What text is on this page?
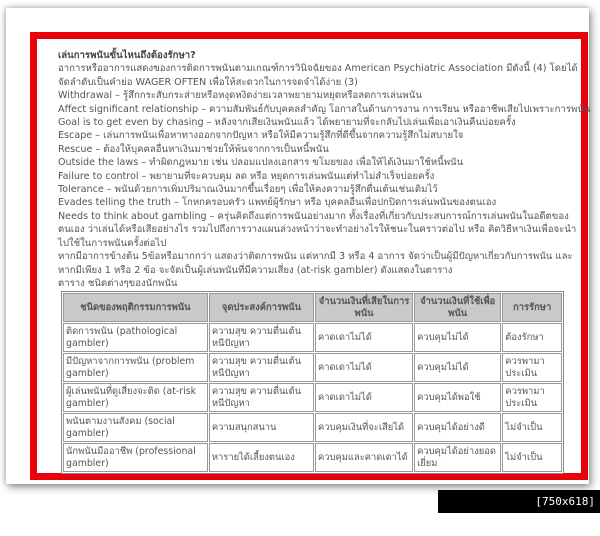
เล่นการพนันขั้นไหนถึงต้องรักษา?
อาการหรืออาการแสดงของการติดการพนันตามเกณฑ์การวินิจฉัยของ American Psychiatric Association มีดังนี้ (4) โดยได้จัดลำดับเป็นคำย่อ WAGER OFTEN เพื่อให้สะดวกในการจดจำได้ง่าย (3)
Withdrawal – รู้สึกกระสับกระส่ายหรือหงุดหงิดง่ายเวลาพยายามหยุดหรือลดการเล่นพนัน
Affect significant relationship – ความสัมพันธ์กับบุคคลสำคัญ โอกาสในด้านการงาน การเรียน หรืออาชีพเสียไปเพราะการพนัน
Goal is to get even by chasing – หลังจากเสียเงินพนันแล้ว ได้พยายามที่จะกลับไปเล่นเพื่อเอาเงินคืนบ่อยครั้ง
Escape – เล่นการพนันเพื่อหาทางออกจากปัญหา หรือให้มีความรู้สึกที่ดีขึ้นจากความรู้สึกไม่สบายใจ
Rescue – ต้องให้บุคคลอื่นหาเงินมาช่วยให้พ้นจากการเป็นหนี้พนัน
Outside the laws – ทำผิดกฎหมาย เช่น ปลอมแปลงเอกสาร ขโมยของ เพื่อให้ได้เงินมาใช้หนี้พนัน
Failure to control – พยายามที่จะควบคุม ลด หรือ หยุดการเล่นพนันแต่ทำไม่สำเร็จบ่อยครั้ง
Tolerance – พนันด้วยการเพิ่มปริมาณเงินมากขึ้นเรื่อยๆ เพื่อให้คงความรู้สึกตื่นเต้นเช่นเดิมไว้
Evades telling the truth – โกหกครอบครัว แพทย์ผู้รักษา หรือ บุคคลอื่นเพื่อปกปิดการเล่นพนันของตนเอง
Needs to think about gambling – ครุ่นคิดถึงแต่การพนันอย่างมาก ทั้งเรื่องที่เกี่ยวกับประสบการณ์การเล่นพนันในอดีตของตนเอง ว่าเล่นได้หรือเสียอย่างไร รวมไปถึงการวางแผนล่วงหน้าว่าจะทำอย่างไรให้ชนะในคราวต่อไป หรือ คิดวิธีหาเงินเพื่อจะนำไปใช้ในการพนันครั้งต่อไป
หากมีอาการข้างต้น 5ข้อหรือมากกว่า แสดงว่าติดการพนัน แต่หากมี 3 หรือ 4 อาการ จัดว่าเป็นผู้มีปัญหาเกี่ยวกับการพนัน และ หากมีเพียง 1 หรือ 2 ข้อ จะจัดเป็นผู้เล่นพนันที่มีความเสี่ยง (at-risk gambler) ดังแสดงในตาราง
ตาราง ชนิดต่างๆของนักพนัน
ชนิดของพฤติกรรมการพนัน	จุดประสงค์การพนัน	จำนวนเงินที่เสียในการพนัน	จำนวนเงินที่ใช้เพื่อพนัน	การรักษา
ติดการพนัน (pathological gambler)	ความสุข ความตื่นเต้น หนีปัญหา	คาดเดาไม่ได้	ควบคุมไม่ได้	ต้องรักษา
มีปัญหาจากการพนัน (problem gambler)	ความสุข ความตื่นเต้น หนีปัญหา	คาดเดาไม่ได้	ควบคุมไม่ได้	ควรพามาประเมิน
ผู้เล่นพนันที่ดูเสี่ยงจะติด (at-risk gambler)	ความสุข ความตื่นเต้น หนีปัญหา	คาดเดาไม่ได้	ควบคุมได้พอใช้	ควรพามาประเมิน
พนันตามงานสังคม (social gambler)	ความสนุกสนาน	ควบคุมเงินที่จะเสียได้	ควบคุมได้อย่างดี	ไม่จำเป็น
นักพนันมืออาชีพ (professional gambler)	หารายได้เลี้ยงตนเอง	ควบคุมและคาดเดาได้	ควบคุมได้อย่างยอดเยี่ยม	ไม่จำเป็น
[750x618] https://upic.me/
